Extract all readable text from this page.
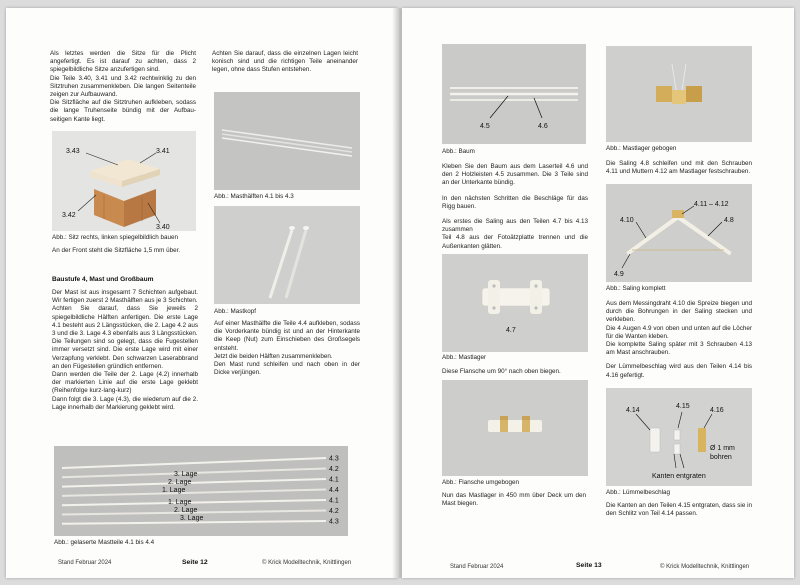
Als letztes werden die Sitze für die Plicht angefertigt. Es ist darauf zu achten, dass 2 spiegelbildliche Sitze anzufertigen sind.

Die Teile 3.40, 3.41 und 3.42 rechtwinklig zu den Sitztruhen zusammenkleben. Die langen Seitenteile zeigen zur Aufbauwand.

Die Sitzfläche auf die Sitztruhen aufkleben, sodass die lange Truhenseite bündig mit der Aufbau-seitigen Kante liegt.

3.43	3.41
3.42
3.40
Abb.: Sitz rechts, linken spiegelbildlich bauen
An der Front steht die Sitzfläche 1,5 mm über.
Baustufe 4, Mast und Großbaum

Der Mast ist aus insgesamt 7 Schichten aufgebaut. Wir fertigen zuerst 2 Masthälften aus je 3 Schichten.

Achten Sie darauf, dass Sie jeweils 2 spiegelbildliche Hälften anfertigen. Die erste Lage 4.1 besteht aus 2 Längsstücken, die 2. Lage 4.2 aus 3 und die 3. Lage 4.3 ebenfalls aus 3 Längsstücken.

Die Teilungen sind so gelegt, dass die Fugestellen immer versetzt sind. Die erste Lage wird mit einer Verzapfung verklebt. Den schwarzen Laserabbrand an den Fügestellen gründlich entfernen.

Dann werden die Teile der 2. Lage (4.2) innerhalb der markierten Linie auf die erste Lage geklebt (Reihenfolge kurz-lang-kurz)

Dann folgt die 3. Lage (4.3), die wiederum auf die 2. Lage innerhalb der Markierung geklebt wird.

Achten Sie darauf, dass die einzelnen Lagen leicht konisch sind und die richtigen Teile aneinander legen, ohne dass Stufen entstehen.
Abb.: Masthälften 4.1 bis 4.3
Abb.: Mastkopf

Auf einer Masthälfte die Teile 4.4 aufkleben, sodass die Vorderkante bündig ist und an der Hinterkante die Keep (Nut) zum Einschieben des Großsegels entsteht.

Jetzt die beiden Hälften zusammenkleben.

Den Mast rund schleifen und nach oben in der Dicke verjüngen.

3. Lage
2. Lage
1. Lage
1. Lage
2. Lage
3. Lage
4.3
4.2
4.1
4.4
4.1
4.2
4.3
Abb.: gelaserte Mastteile 4.1 bis 4.4
Stand Februar 2024	Seite 12	© Krick Modelltechnik, Knittlingen
4.5	4.6
Abb.: Baum

Kleben Sie den Baum aus dem Laserteil 4.6 und den 2 Holzleisten 4.5 zusammen. Die 3 Teile sind an der Unterkante bündig.

In den nächsten Schritten die Beschläge für das Rigg bauen.

Als erstes die Saling aus den Teilen 4.7 bis 4.13 zusammen

Teil 4.8 aus der Fotoätzplatte trennen und die Außenkanten glätten.

4.7
Abb.: Mastlager
Diese Flansche um 90° nach oben biegen.
Abb.: Flansche umgebogen
Nun das Mastlager in 450 mm über Deck um den Mast biegen.
Abb.: Mastlager gebogen
Die Saling 4.8 schleifen und mit den Schrauben 4.11 und Muttern 4.12 am Mastlager festschrauben.
4.11 – 4.12
4.10	4.8
4.9
Abb.: Saling komplett

Aus dem Messingdraht 4.10 die Spreize biegen und durch die Bohrungen in der Saling stecken und verkleben.

Die 4 Augen 4.9 von oben und unten auf die Löcher für die Wanten kleben.

Die komplette Saling später mit 3 Schrauben 4.13 am Mast anschrauben.

Der Lümmelbeschlag wird aus den Teilen 4.14 bis 4.16 gefertigt.

4.14
4.15
4.16
Ø 1 mm
bohren
Kanten entgraten
Abb.: Lümmelbeschlag
Die Kanten an den Teilen 4.15 entgraten, dass sie in den Schlitz von Teil 4.14 passen.
Stand Februar 2024	Seite 13	© Krick Modelltechnik, Knittlingen
